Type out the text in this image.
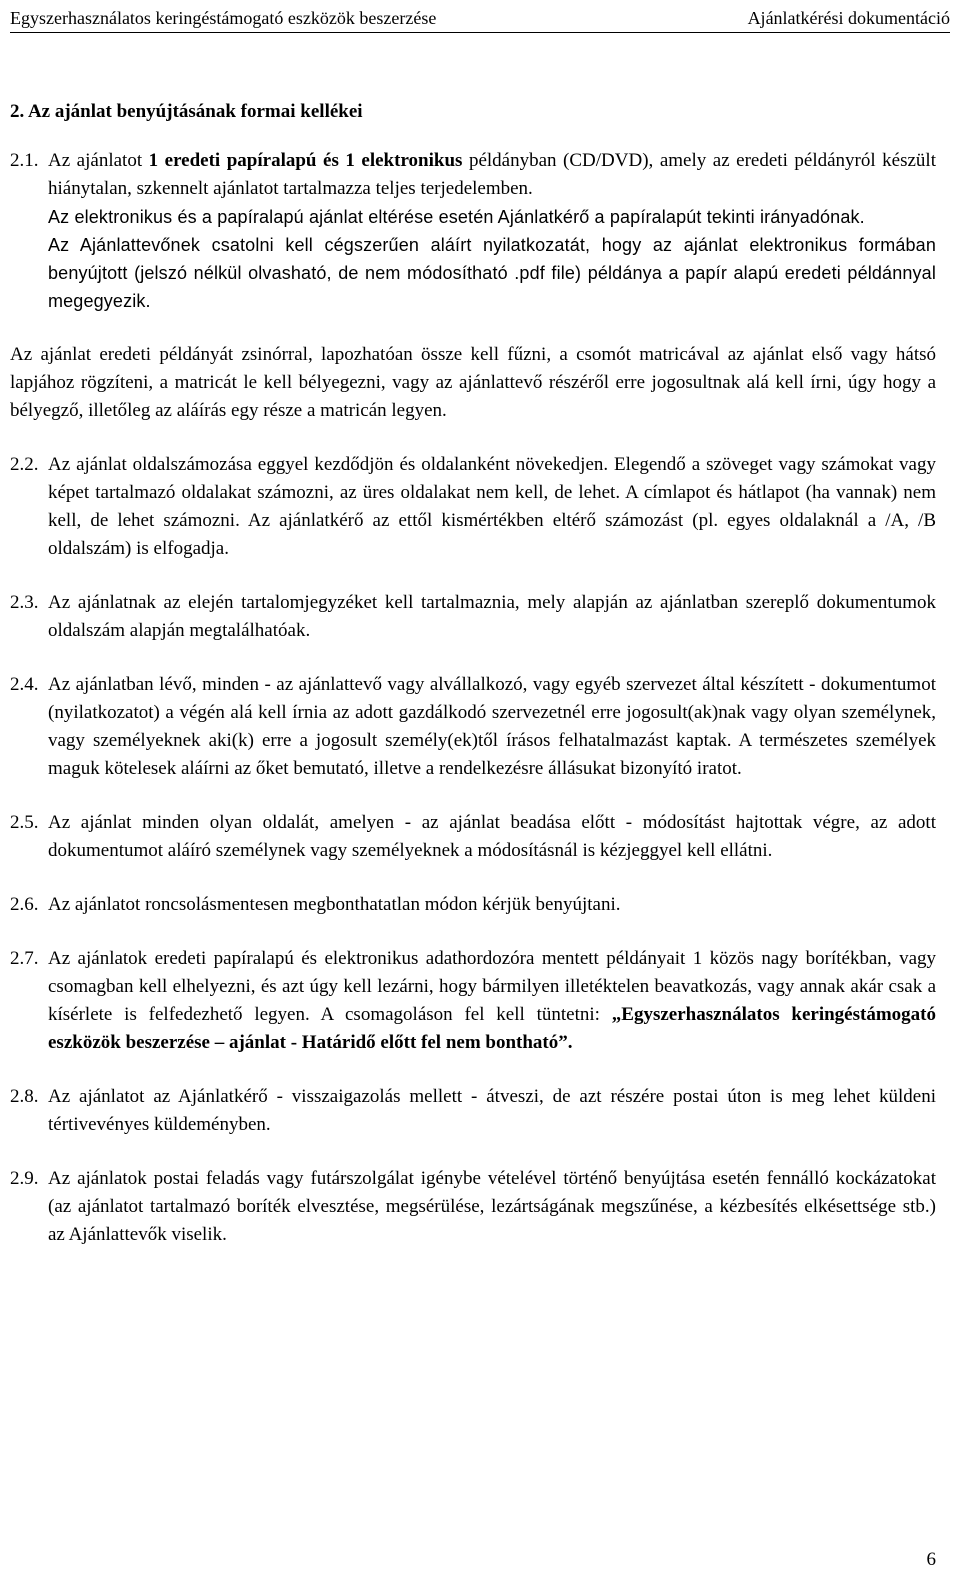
Egyszerhasználatos keringéstámogató eszközök beszerzése	Ajánlatkérési dokumentáció
2. Az ajánlat benyújtásának formai kellékei
2.1. Az ajánlatot 1 eredeti papíralapú és 1 elektronikus példányban (CD/DVD), amely az eredeti példányról készült hiánytalan, szkennelt ajánlatot tartalmazza teljes terjedelemben.

Az elektronikus és a papíralapú ajánlat eltérése esetén Ajánlatkérő a papíralapút tekinti irányadónak.

Az Ajánlattevőnek csatolni kell cégszerűen aláírt nyilatkozatát, hogy az ajánlat elektronikus formában benyújtott (jelszó nélkül olvasható, de nem módosítható .pdf file) példánya a papír alapú eredeti példánnyal megegyezik.

Az ajánlat eredeti példányát zsinórral, lapozhatóan össze kell fűzni, a csomót matricával az ajánlat első vagy hátsó lapjához rögzíteni, a matricát le kell bélyegezni, vagy az ajánlattevő részéről erre jogosultnak alá kell írni, úgy hogy a bélyegző, illetőleg az aláírás egy része a matricán legyen.

2.2. Az ajánlat oldalszámozása eggyel kezdődjön és oldalanként növekedjen. Elegendő a szöveget vagy számokat vagy képet tartalmazó oldalakat számozni, az üres oldalakat nem kell, de lehet. A címlapot és hátlapot (ha vannak) nem kell, de lehet számozni. Az ajánlatkérő az ettől kismértékben eltérő számozást (pl. egyes oldalaknál a /A, /B oldalszám) is elfogadja.
2.3. Az ajánlatnak az elején tartalomjegyzéket kell tartalmaznia, mely alapján az ajánlatban szereplő dokumentumok oldalszám alapján megtalálhatóak.
2.4. Az ajánlatban lévő, minden - az ajánlattevő vagy alvállalkozó, vagy egyéb szervezet által készített - dokumentumot (nyilatkozatot) a végén alá kell írnia az adott gazdálkodó szervezetnél erre jogosult(ak)nak vagy olyan személynek, vagy személyeknek aki(k) erre a jogosult személy(ek)től írásos felhatalmazást kaptak. A természetes személyek maguk kötelesek aláírni az őket bemutató, illetve a rendelkezésre állásukat bizonyító iratot.
2.5. Az ajánlat minden olyan oldalát, amelyen - az ajánlat beadása előtt - módosítást hajtottak végre, az adott dokumentumot aláíró személynek vagy személyeknek a módosításnál is kézjeggyel kell ellátni.
2.6. Az ajánlatot roncsolásmentesen megbonthatatlan módon kérjük benyújtani.
2.7. Az ajánlatok eredeti papíralapú és elektronikus adathordozóra mentett példányait 1 közös nagy borítékban, vagy csomagban kell elhelyezni, és azt úgy kell lezárni, hogy bármilyen illetéktelen beavatkozás, vagy annak akár csak a kísérlete is felfedezhető legyen. A csomagoláson fel kell tüntetni: „Egyszerhasználatos keringéstámogató eszközök beszerzése – ajánlat - Határidő előtt fel nem bontható”.
2.8. Az ajánlatot az Ajánlatkérő - visszaigazolás mellett - átveszi, de azt részére postai úton is meg lehet küldeni tértivevényes küldeményben.
2.9. Az ajánlatok postai feladás vagy futárszolgálat igénybe vételével történő benyújtása esetén fennálló kockázatokat (az ajánlatot tartalmazó boríték elvesztése, megsérülése, lezártságának megszűnése, a kézbesítés elkésettsége stb.) az Ajánlattevők viselik.
6
